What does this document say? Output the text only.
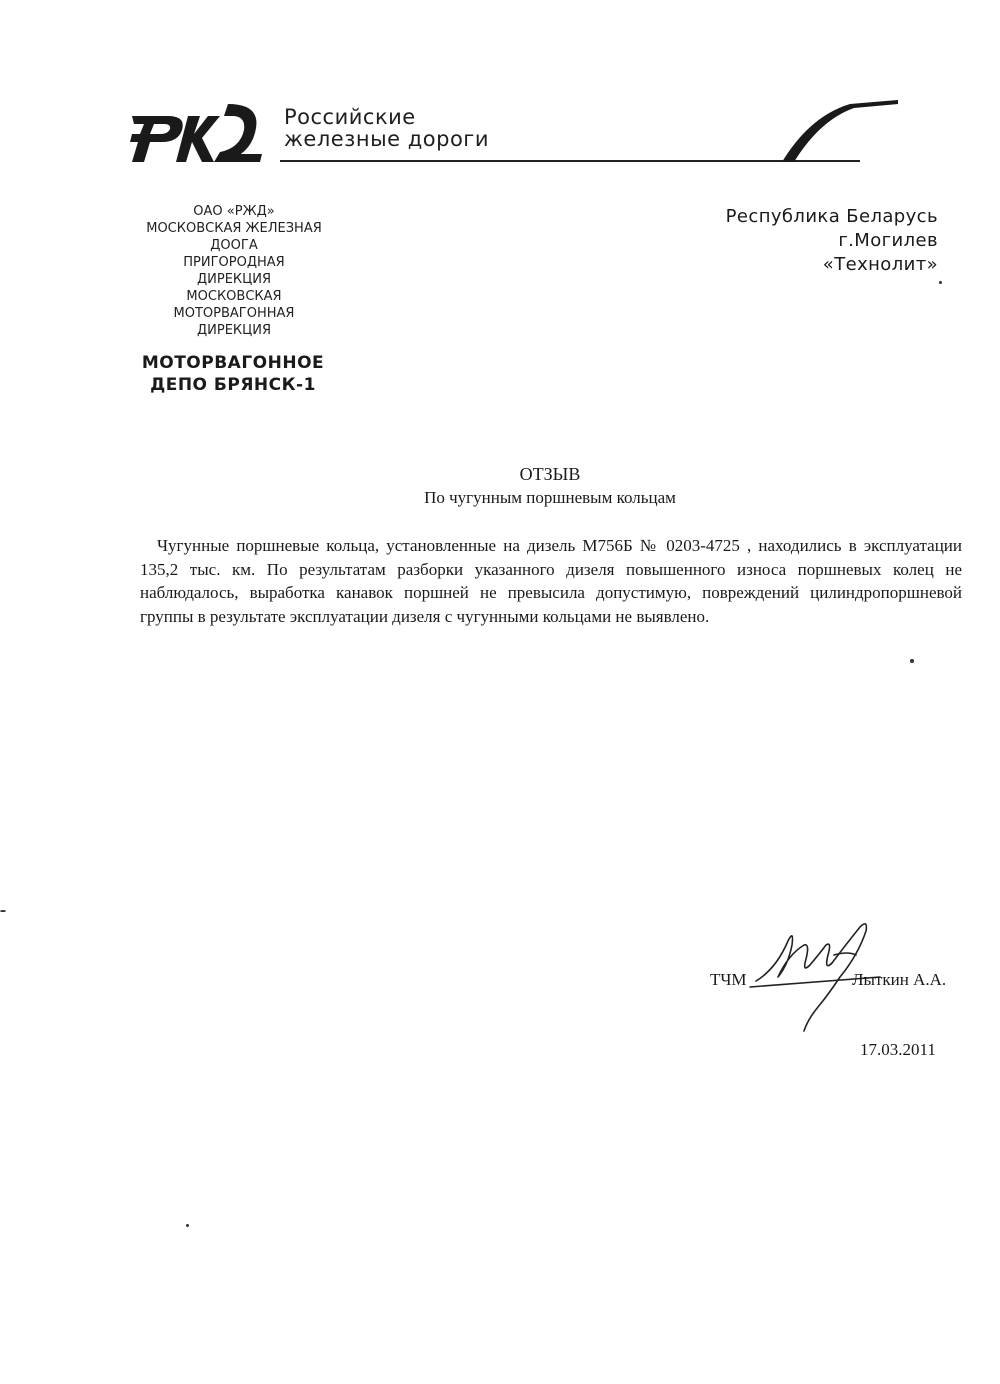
Российские
железные дороги
ОАО «РЖД»
МОСКОВСКАЯ ЖЕЛЕЗНАЯ
ДООГА
ПРИГОРОДНАЯ
ДИРЕКЦИЯ
МОСКОВСКАЯ
МОТОРВАГОННАЯ
ДИРЕКЦИЯ
МОТОРВАГОННОЕ
ДЕПО БРЯНСК-1
Республика Беларусь
г.Могилев
«Технолит»
ОТЗЫВ
По чугунным поршневым кольцам
Чугунные поршневые кольца, установленные на дизель М756Б № 0203-4725 , находились в эксплуатации 135,2 тыс. км. По результатам разборки указанного дизеля повышенного износа поршневых колец не наблюдалось, выработка канавок поршней не превысила допустимую, повреждений цилиндропоршневой группы в результате эксплуатации дизеля с чугунными кольцами не выявлено.
ТЧМ	Лыткин А.А.
17.03.2011
